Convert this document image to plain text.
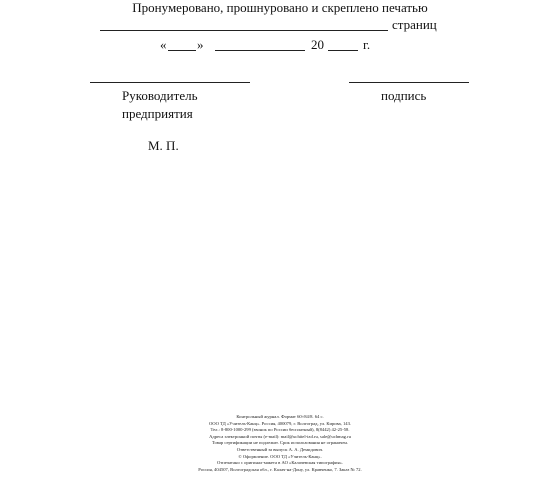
Пронумеровано, прошнуровано и скреплено печатью
страниц
« »	20	г.
Руководитель
предприятия
подпись
М. П.
Контрольный журнал. Формат 60×84/8. 64 с.
ООО ТД «Учитель-Канц». Россия, 400079, г. Волгоград, ул. Кирова, 143.
Тел.: 8-800-1000-299 (звонок по России бесплатный), 8(8442) 42-25-58.
Адреса электронной почты (e-mail): mail@uchitel-izd.ru, sale@uchmag.ru
Товар сертификации не подлежит. Срок использования не ограничен.
Ответственный за выпуск А. А. Демидович.
© Оформление. ООО ТД «Учитель-Канц».
Отпечатано с оригинал-макета в АО «Калачевская типография».
Россия, 404507, Волгоградская обл., г. Калач-на-Дону, ул. Кравченко, 7. Заказ № 72.
